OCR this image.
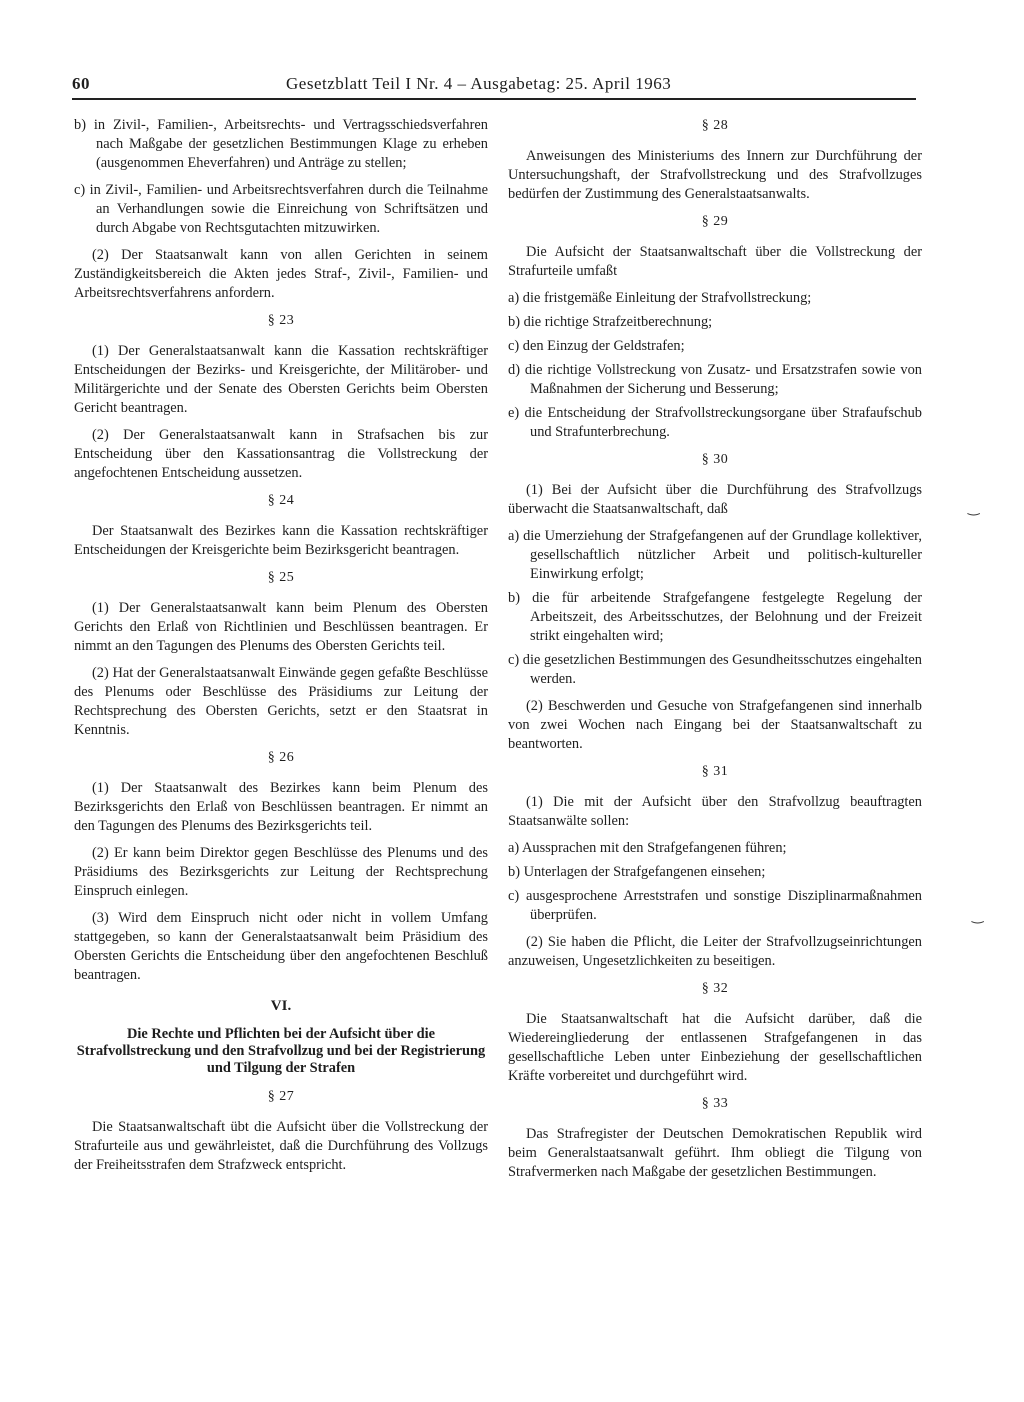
60	Gesetzblatt Teil I Nr. 4 – Ausgabetag: 25. April 1963

b) in Zivil-, Familien-, Arbeitsrechts- und Vertragsschiedsverfahren nach Maßgabe der gesetzlichen Bestimmungen Klage zu erheben (ausgenommen Eheverfahren) und Anträge zu stellen;

c) in Zivil-, Familien- und Arbeitsrechtsverfahren durch die Teilnahme an Verhandlungen sowie die Einreichung von Schriftsätzen und durch Abgabe von Rechtsgutachten mitzuwirken.

(2) Der Staatsanwalt kann von allen Gerichten in seinem Zuständigkeitsbereich die Akten jedes Straf-, Zivil-, Familien- und Arbeitsrechtsverfahrens anfordern.

§ 23

(1) Der Generalstaatsanwalt kann die Kassation rechtskräftiger Entscheidungen der Bezirks- und Kreisgerichte, der Militärober- und Militärgerichte und der Senate des Obersten Gerichts beim Obersten Gericht beantragen.

(2) Der Generalstaatsanwalt kann in Strafsachen bis zur Entscheidung über den Kassationsantrag die Vollstreckung der angefochtenen Entscheidung aussetzen.

§ 24

Der Staatsanwalt des Bezirkes kann die Kassation rechtskräftiger Entscheidungen der Kreisgerichte beim Bezirksgericht beantragen.

§ 25

(1) Der Generalstaatsanwalt kann beim Plenum des Obersten Gerichts den Erlaß von Richtlinien und Beschlüssen beantragen. Er nimmt an den Tagungen des Plenums des Obersten Gerichts teil.

(2) Hat der Generalstaatsanwalt Einwände gegen gefaßte Beschlüsse des Plenums oder Beschlüsse des Präsidiums zur Leitung der Rechtsprechung des Obersten Gerichts, setzt er den Staatsrat in Kenntnis.

§ 26

(1) Der Staatsanwalt des Bezirkes kann beim Plenum des Bezirksgerichts den Erlaß von Beschlüssen beantragen. Er nimmt an den Tagungen des Plenums des Bezirksgerichts teil.

(2) Er kann beim Direktor gegen Beschlüsse des Plenums und des Präsidiums des Bezirksgerichts zur Leitung der Rechtsprechung Einspruch einlegen.

(3) Wird dem Einspruch nicht oder nicht in vollem Umfang stattgegeben, so kann der Generalstaatsanwalt beim Präsidium des Obersten Gerichts die Entscheidung über den angefochtenen Beschluß beantragen.

VI.
Die Rechte und Pflichten bei der Aufsicht über die Strafvollstreckung und den Strafvollzug und bei der Registrierung und Tilgung der Strafen
§ 27

Die Staatsanwaltschaft übt die Aufsicht über die Vollstreckung der Strafurteile aus und gewährleistet, daß die Durchführung des Vollzugs der Freiheitsstrafen dem Strafzweck entspricht.

§ 28

Anweisungen des Ministeriums des Innern zur Durchführung der Untersuchungshaft, der Strafvollstreckung und des Strafvollzuges bedürfen der Zustimmung des Generalstaatsanwalts.

§ 29

Die Aufsicht der Staatsanwaltschaft über die Vollstreckung der Strafurteile umfaßt

a) die fristgemäße Einleitung der Strafvollstreckung;

b) die richtige Strafzeitberechnung;

c) den Einzug der Geldstrafen;

d) die richtige Vollstreckung von Zusatz- und Ersatzstrafen sowie von Maßnahmen der Sicherung und Besserung;

e) die Entscheidung der Strafvollstreckungsorgane über Strafaufschub und Strafunterbrechung.

§ 30

(1) Bei der Aufsicht über die Durchführung des Strafvollzugs überwacht die Staatsanwaltschaft, daß

a) die Umerziehung der Strafgefangenen auf der Grundlage kollektiver, gesellschaftlich nützlicher Arbeit und politisch-kultureller Einwirkung erfolgt;

b) die für arbeitende Strafgefangene festgelegte Regelung der Arbeitszeit, des Arbeitsschutzes, der Belohnung und der Freizeit strikt eingehalten wird;

c) die gesetzlichen Bestimmungen des Gesundheitsschutzes eingehalten werden.

(2) Beschwerden und Gesuche von Strafgefangenen sind innerhalb von zwei Wochen nach Eingang bei der Staatsanwaltschaft zu beantworten.

§ 31

(1) Die mit der Aufsicht über den Strafvollzug beauftragten Staatsanwälte sollen:

a) Aussprachen mit den Strafgefangenen führen;

b) Unterlagen der Strafgefangenen einsehen;

c) ausgesprochene Arreststrafen und sonstige Disziplinarmaßnahmen überprüfen.

(2) Sie haben die Pflicht, die Leiter der Strafvollzugseinrichtungen anzuweisen, Ungesetzlichkeiten zu beseitigen.

§ 32

Die Staatsanwaltschaft hat die Aufsicht darüber, daß die Wiedereingliederung der entlassenen Strafgefangenen in das gesellschaftliche Leben unter Einbeziehung der gesellschaftlichen Kräfte vorbereitet und durchgeführt wird.

§ 33

Das Strafregister der Deutschen Demokratischen Republik wird beim Generalstaatsanwalt geführt. Ihm obliegt die Tilgung von Strafvermerken nach Maßgabe der gesetzlichen Bestimmungen.

‿
‿
